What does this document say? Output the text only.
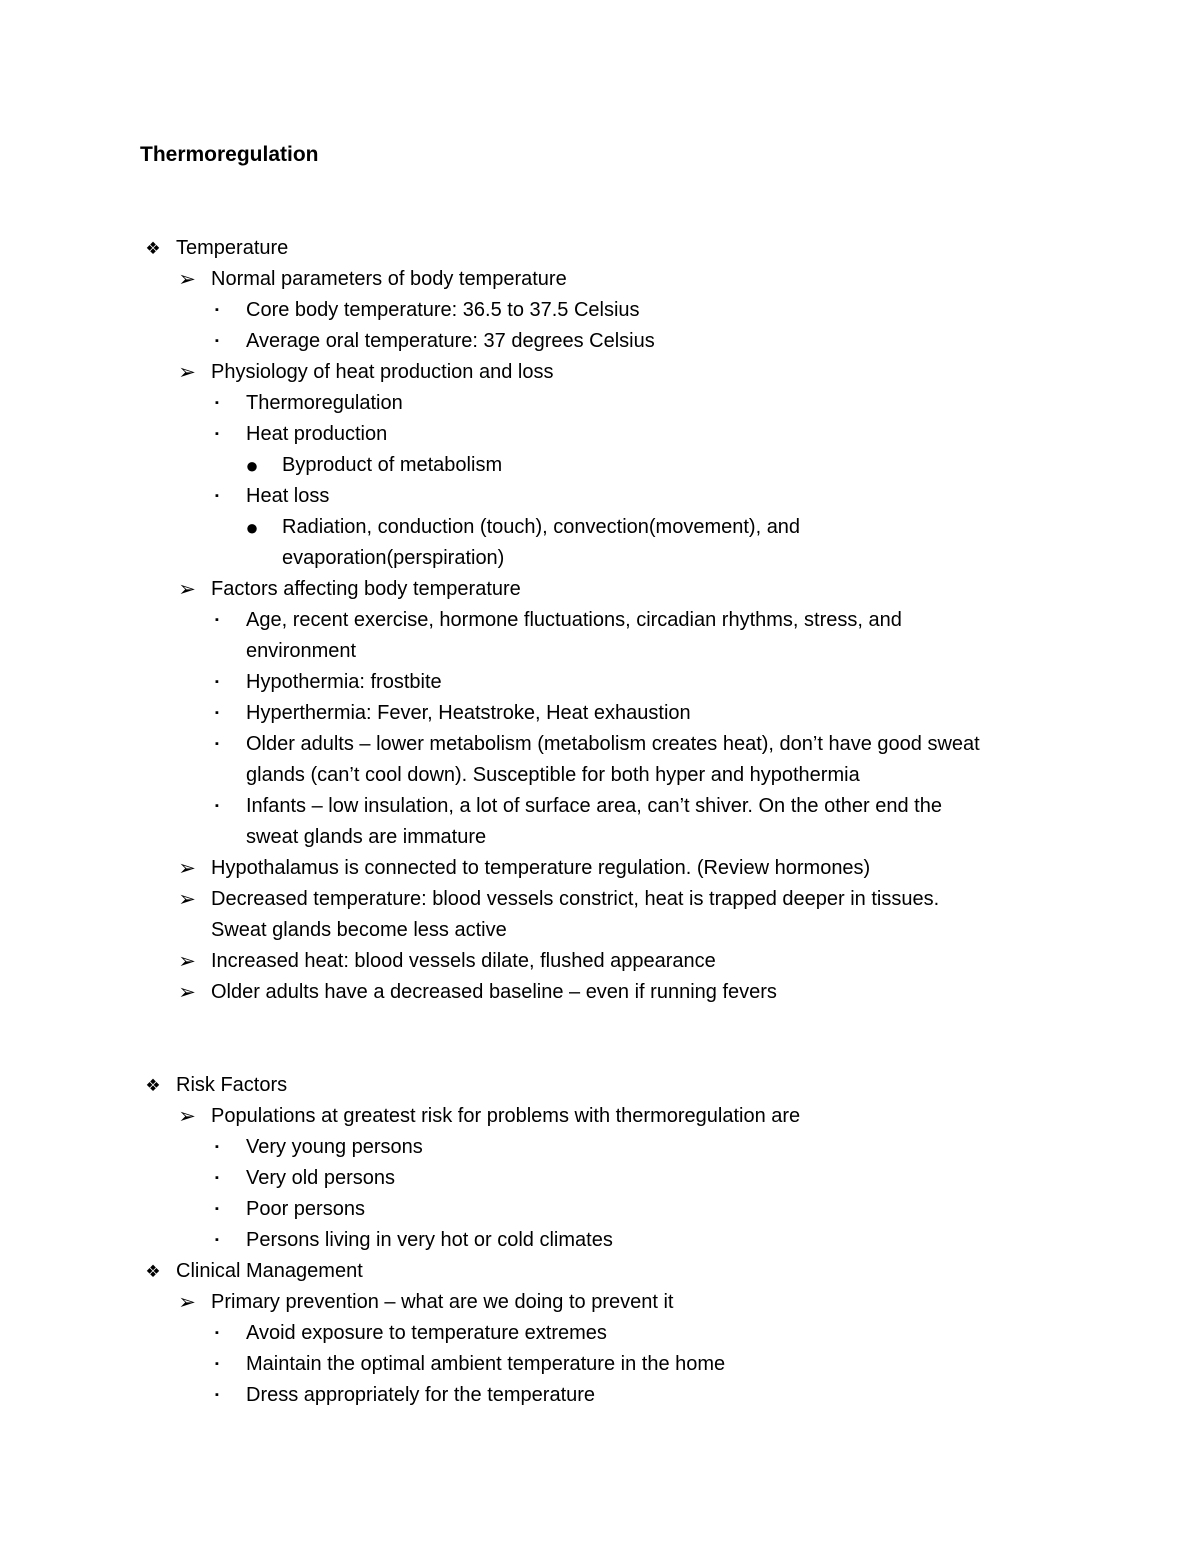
Thermoregulation
❖ Temperature
➢ Normal parameters of body temperature
▪	Core body temperature: 36.5 to 37.5 Celsius
▪	Average oral temperature: 37 degrees Celsius
➢ Physiology of heat production and loss
▪	Thermoregulation
▪	Heat production
● Byproduct of metabolism
▪	Heat loss
● Radiation, conduction (touch), convection(movement), and
evaporation(perspiration)
➢ Factors affecting body temperature
▪	Age, recent exercise, hormone fluctuations, circadian rhythms, stress, and
environment
▪	Hypothermia: frostbite
▪	Hyperthermia: Fever, Heatstroke, Heat exhaustion
▪	Older adults – lower metabolism (metabolism creates heat), don’t have good sweat
glands (can’t cool down). Susceptible for both hyper and hypothermia
▪	Infants – low insulation, a lot of surface area, can’t shiver. On the other end the
sweat glands are immature
➢ Hypothalamus is connected to temperature regulation. (Review hormones)
➢ Decreased temperature: blood vessels constrict, heat is trapped deeper in tissues.
Sweat glands become less active
➢ Increased heat: blood vessels dilate, flushed appearance
➢ Older adults have a decreased baseline – even if running fevers
❖ Risk Factors
➢ Populations at greatest risk for problems with thermoregulation are
▪	Very young persons
▪	Very old persons
▪	Poor persons
▪	Persons living in very hot or cold climates
❖ Clinical Management
➢ Primary prevention – what are we doing to prevent it
▪	Avoid exposure to temperature extremes
▪	Maintain the optimal ambient temperature in the home
▪	Dress appropriately for the temperature
